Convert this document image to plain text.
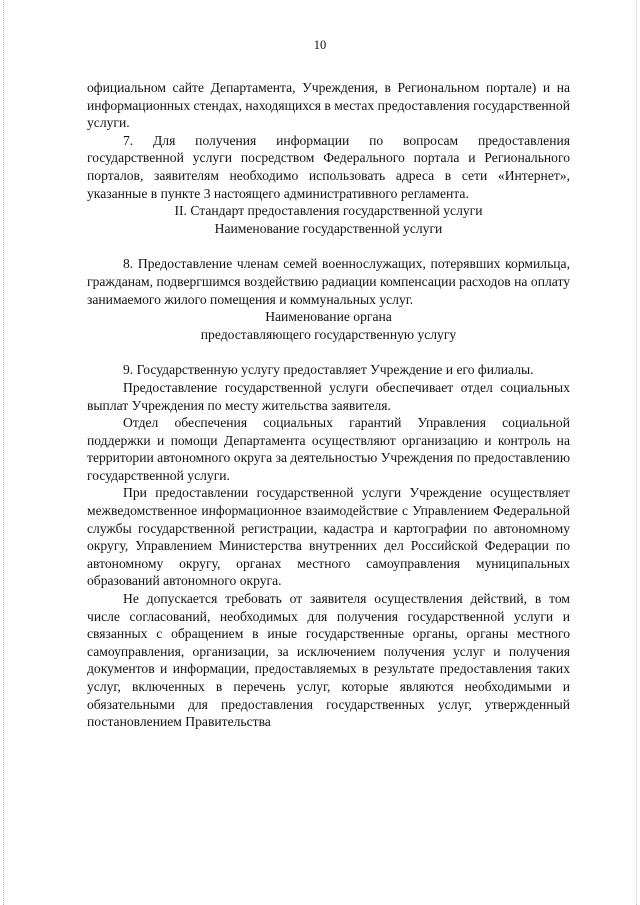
10

официальном сайте Департамента, Учреждения, в Региональном портале) и на информационных стендах, находящихся в местах предоставления государственной услуги.

7. Для получения информации по вопросам предоставления государственной услуги посредством Федерального портала и Регионального порталов, заявителям необходимо использовать адреса в сети «Интернет», указанные в пункте 3 настоящего административного регламента.

II. Стандарт предоставления государственной услуги

Наименование государственной услуги

8. Предоставление членам семей военнослужащих, потерявших кормильца, гражданам, подвергшимся воздействию радиации компенсации расходов на оплату занимаемого жилого помещения и коммунальных услуг.

Наименование органа

предоставляющего государственную услугу

9. Государственную услугу предоставляет Учреждение и его филиалы.

Предоставление государственной услуги обеспечивает отдел социальных выплат Учреждения по месту жительства заявителя.

Отдел обеспечения социальных гарантий Управления социальной поддержки и помощи Департамента осуществляют организацию и контроль на территории автономного округа за деятельностью Учреждения по предоставлению государственной услуги.

При предоставлении государственной услуги Учреждение осуществляет межведомственное информационное взаимодействие с Управлением Федеральной службы государственной регистрации, кадастра и картографии по автономному округу, Управлением Министерства внутренних дел Российской Федерации по автономному округу, органах местного самоуправления муниципальных образований автономного округа.

Не допускается требовать от заявителя осуществления действий, в том числе согласований, необходимых для получения государственной услуги и связанных с обращением в иные государственные органы, органы местного самоуправления, организации, за исключением получения услуг и получения документов и информации, предоставляемых в результате предоставления таких услуг, включенных в перечень услуг, которые являются необходимыми и обязательными для предоставления государственных услуг, утвержденный постановлением Правительства
